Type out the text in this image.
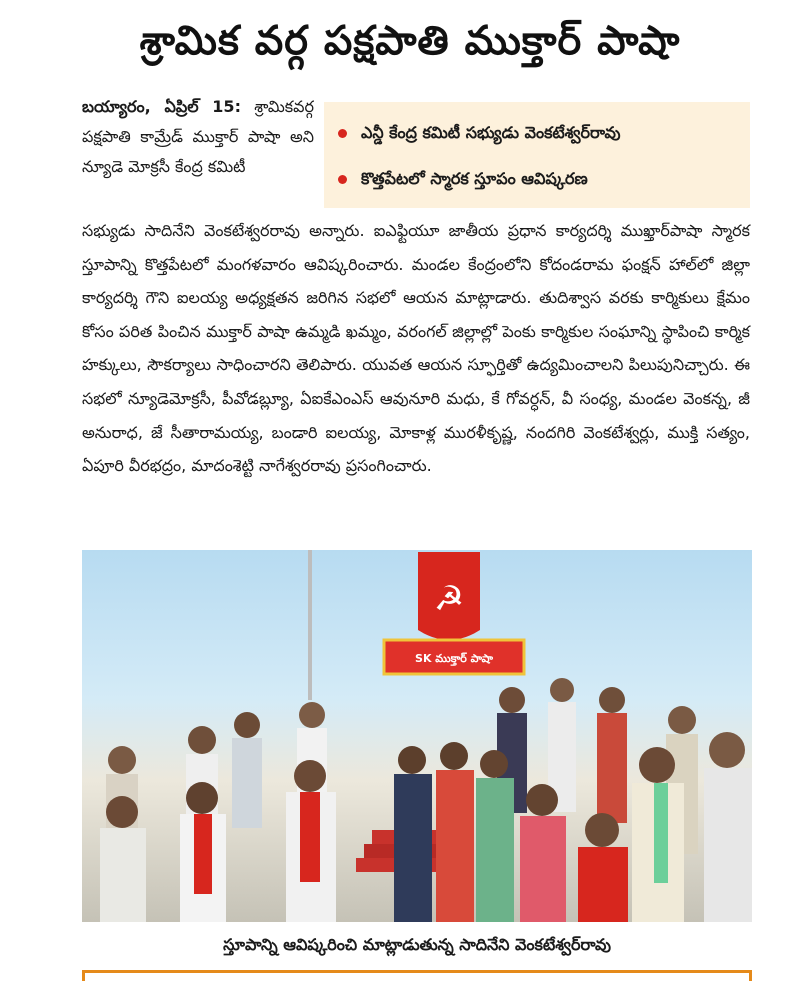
శ్రామిక వర్గ పక్షపాతి ముక్తార్ పాషా
బయ్యారం, ఏప్రిల్ 15: శ్రామికవర్గ పక్షపాతి కామ్రేడ్ ముక్తార్ పాషా అని న్యూడె మోక్రసీ కేంద్ర కమిటీ
ఎన్డీ కేంద్ర కమిటీ సభ్యుడు వెంకటేశ్వర్‌రావు
కొత్తపేటలో స్మారక స్తూపం ఆవిష్కరణ
సభ్యుడు సాదినేని వెంకటేశ్వరరావు అన్నారు. ఐఎఫ్టియూ జాతీయ ప్రధాన కార్యదర్శి ముఖ్తార్‌పాషా స్మారక స్తూపాన్ని కొత్తపేటలో మంగళవారం ఆవిష్కరించారు. మండల కేంద్రంలోని కోదండరామ ఫంక్షన్ హాల్‌లో జిల్లా కార్యదర్శి గౌని ఐలయ్య అధ్యక్షతన జరిగిన సభలో ఆయన మాట్లాడారు. తుదిశ్వాస వరకు కార్మికులు క్షేమం కోసం పరిత పించిన ముక్తార్ పాషా ఉమ్మడి ఖమ్మం, వరంగల్ జిల్లాల్లో పెంకు కార్మికుల సంఘాన్ని స్థాపించి కార్మిక హక్కులు, సౌకర్యాలు సాధించారని తెలిపారు. యువత ఆయన స్ఫూర్తితో ఉద్యమించాలని పిలుపునిచ్చారు. ఈ సభలో న్యూడెమోక్రసీ, పీవోడబ్ల్యూ, ఏఐకేఎంఎస్ ఆవునూరి మధు, కే గోవర్ధన్, వీ సంధ్య, మండల వెంకన్న, జీ అనురాధ, జే సీతారామయ్య, బండారి ఐలయ్య, మోకాళ్ల మురళీకృష్ణ, నందగిరి వెంకటేశ్వర్లు, ముక్తి సత్యం, ఏపూరి వీరభద్రం, మాదంశెట్టి నాగేశ్వరరావు ప్రసంగించారు.
☭
SK ముక్తార్ పాషా
స్తూపాన్ని ఆవిష్కరించి మాట్లాడుతున్న సాదినేని వెంకటేశ్వర్‌రావు
